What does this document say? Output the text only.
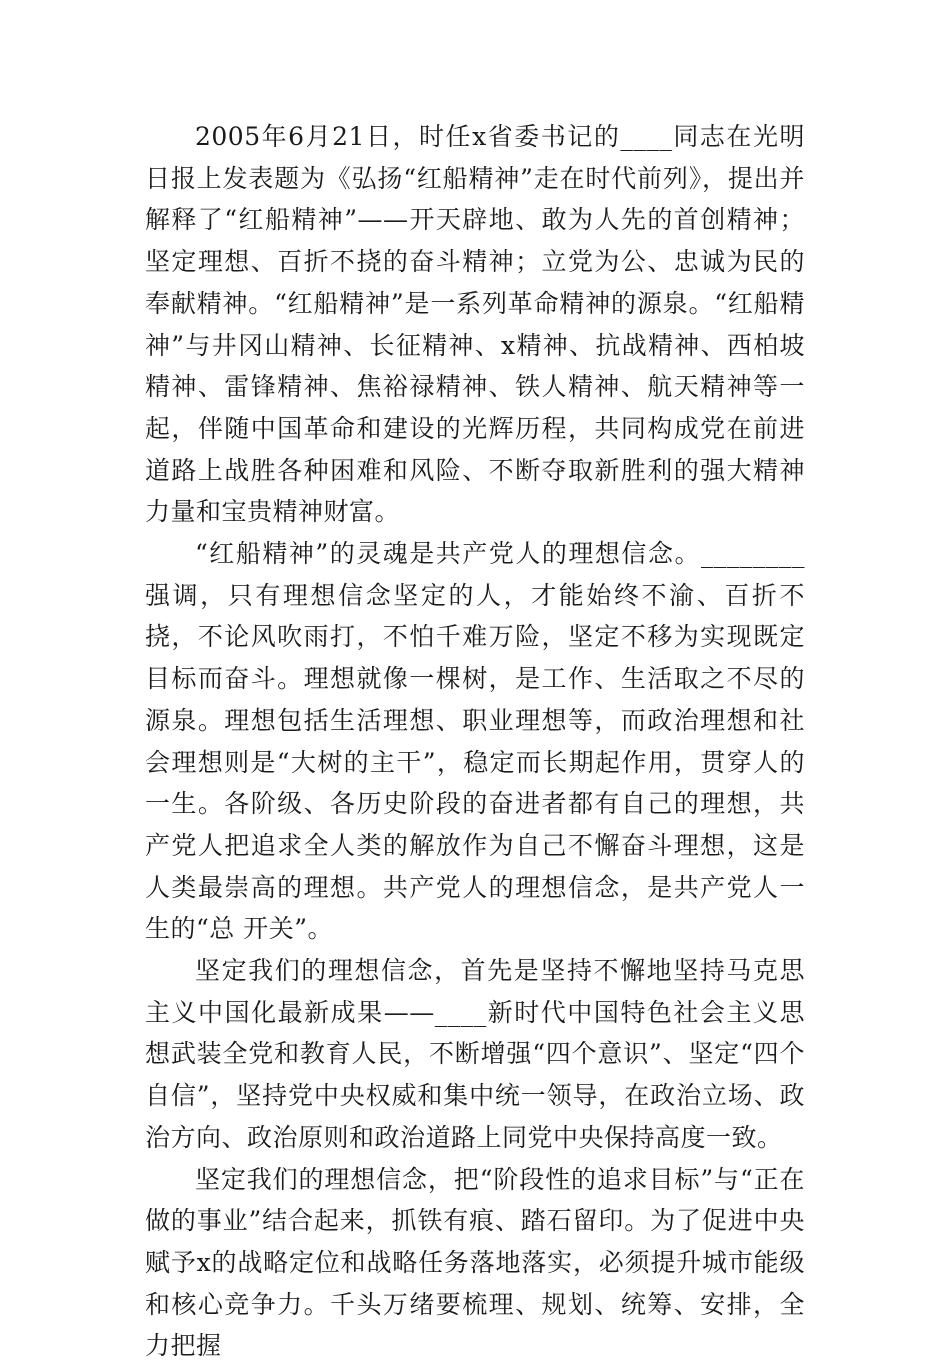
2005年6月21日，时任x省委书记的____同志在光明日报上发表题为《弘扬“红船精神”走在时代前列》，提出并解释了“红船精神”——开天辟地、敢为人先的首创精神；坚定理想、百折不挠的奋斗精神；立党为公、忠诚为民的奉献精神。“红船精神”是一系列革命精神的源泉。“红船精神”与井冈山精神、长征精神、x精神、抗战精神、西柏坡精神、雷锋精神、焦裕禄精神、铁人精神、航天精神等一起，伴随中国革命和建设的光辉历程，共同构成党在前进道路上战胜各种困难和风险、不断夺取新胜利的强大精神力量和宝贵精神财富。

“红船精神”的灵魂是共产党人的理想信念。________强调，只有理想信念坚定的人，才能始终不渝、百折不挠，不论风吹雨打，不怕千难万险，坚定不移为实现既定目标而奋斗。理想就像一棵树，是工作、生活取之不尽的源泉。理想包括生活理想、职业理想等，而政治理想和社会理想则是“大树的主干”，稳定而长期起作用，贯穿人的一生。各阶级、各历史阶段的奋进者都有自己的理想，共产党人把追求全人类的解放作为自己不懈奋斗理想，这是人类最崇高的理想。共产党人的理想信念，是共产党人一生的“总 开关”。

坚定我们的理想信念，首先是坚持不懈地坚持马克思主义中国化最新成果——____新时代中国特色社会主义思想武装全党和教育人民，不断增强“四个意识”、坚定“四个自信”，坚持党中央权威和集中统一领导，在政治立场、政治方向、政治原则和政治道路上同党中央保持高度一致。

坚定我们的理想信念，把“阶段性的追求目标”与“正在做的事业”结合起来，抓铁有痕、踏石留印。为了促进中央赋予x的战略定位和战略任务落地落实，必须提升城市能级和核心竞争力。千头万绪要梳理、规划、统筹、安排，全力把握
